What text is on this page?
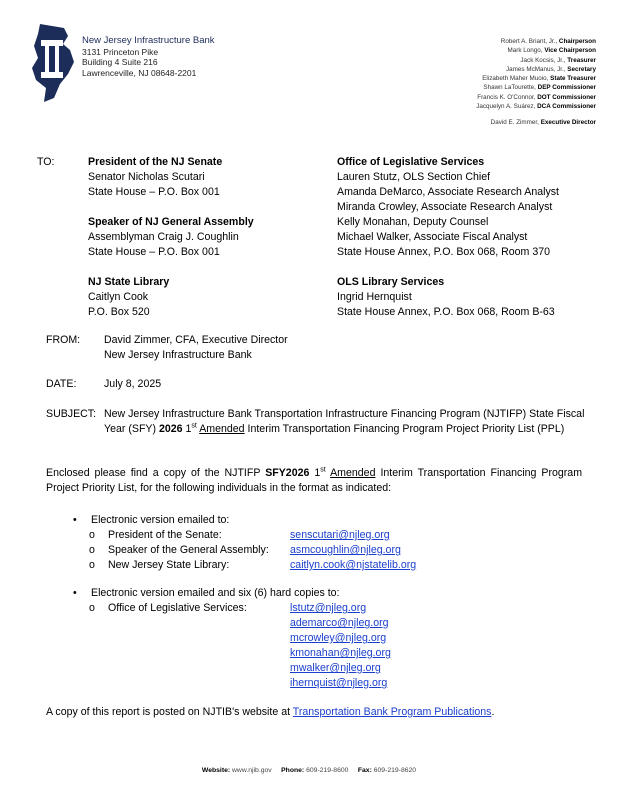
New Jersey Infrastructure Bank
3131 Princeton Pike
Building 4 Suite 216
Lawrenceville, NJ 08648-2201
Robert A. Briant, Jr., Chairperson
Mark Longo, Vice Chairperson
Jack Kocsis, Jr., Treasurer
James McManus, Jr., Secretary
Elizabeth Maher Muoio, State Treasurer
Shawn LaTourette, DEP Commissioner
Francis K. O'Connor, DOT Commissioner
Jacquelyn A. Suárez, DCA Commissioner
David E. Zimmer, Executive Director
TO:	President of the NJ Senate
Senator Nicholas Scutari
State House – P.O. Box 001
Speaker of NJ General Assembly
Assemblyman Craig J. Coughlin
State House – P.O. Box 001
NJ State Library
Caitlyn Cook
P.O. Box 520
Office of Legislative Services
Lauren Stutz, OLS Section Chief
Amanda DeMarco, Associate Research Analyst
Miranda Crowley, Associate Research Analyst
Kelly Monahan, Deputy Counsel
Michael Walker, Associate Fiscal Analyst
State House Annex, P.O. Box 068, Room 370
OLS Library Services
Ingrid Hernquist
State House Annex, P.O. Box 068, Room B-63
FROM: David Zimmer, CFA, Executive Director
New Jersey Infrastructure Bank
DATE:	July 8, 2025
SUBJECT: New Jersey Infrastructure Bank Transportation Infrastructure Financing Program (NJTIFP) State Fiscal Year (SFY) 2026 1st Amended Interim Transportation Financing Program Project Priority List (PPL)
Enclosed please find a copy of the NJTIFP SFY2026 1st Amended Interim Transportation Financing Program Project Priority List, for the following individuals in the format as indicated:
•	Electronic version emailed to:
o	President of the Senate:	senscutari@njleg.org
o	Speaker of the General Assembly:	asmcoughlin@njleg.org
o	New Jersey State Library:	caitlyn.cook@njstatelib.org
•	Electronic version emailed and six (6) hard copies to:
o	Office of Legislative Services:	lstutz@njleg.org
ademarco@njleg.org
mcrowley@njleg.org
kmonahan@njleg.org
mwalker@njleg.org
ihernquist@njleg.org
A copy of this report is posted on NJTIB's website at Transportation Bank Program Publications.
Website: www.njib.gov Phone: 609-219-8600 Fax: 609-219-8620
